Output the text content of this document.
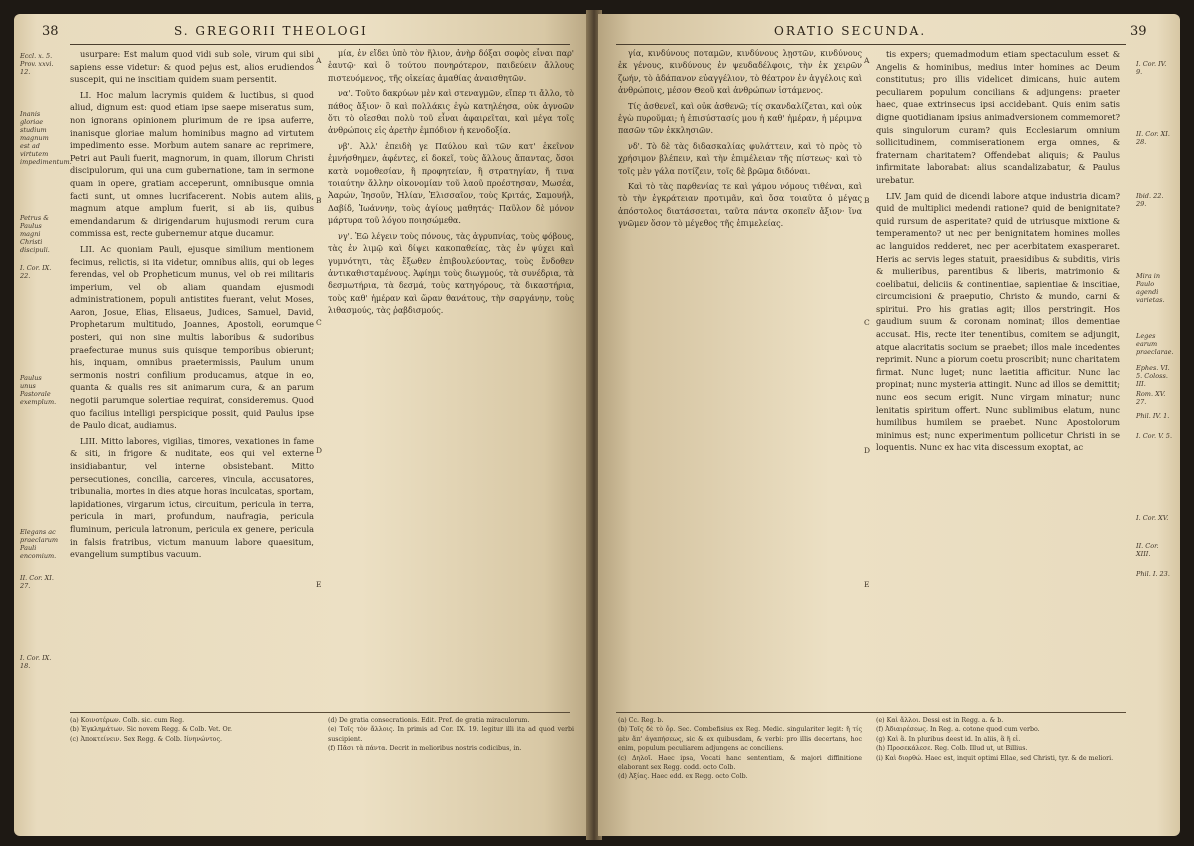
38	S. GREGORII THEOLOGI
Eccl. x. 5. Prov. xxvi. 12.
Inanis gloriae studium magnum est ad virtutem impedimentum.
Petrus & Paulus magni Christi discipuli.
I. Cor. IX. 22.
Paulus unus Pastorale exemplum.
Elegans ac praeclarum Pauli encomium.
II. Cor. XI. 27.
I. Cor. IX. 18.

usurpare: Est malum quod vidi sub sole, virum qui sibi sapiens esse videtur: & quod pejus est, alios erudiendos suscepit, qui ne inscitiam quidem suam persentit.

LI. Hoc malum lacrymis quidem & luctibus, si quod aliud, dignum est: quod etiam ipse saepe miseratus sum, non ignorans opinionem plurimum de re ipsa auferre, inanisque gloriae malum hominibus magno ad virtutem impedimento esse. Morbum autem sanare ac reprimere, Petri aut Pauli fuerit, magnorum, in quam, illorum Christi discipulorum, qui una cum gubernatione, tam in sermone quam in opere, gratiam acceperunt, omnibusque omnia facti sunt, ut omnes lucrifacerent. Nobis autem aliis, magnum atque amplum fuerit, si ab iis, quibus emendandarum & dirigendarum hujusmodi rerum cura commissa est, recte gubernemur atque ducamur.

LII. Ac quoniam Pauli, ejusque similium mentionem fecimus, relictis, si ita videtur, omnibus aliis, qui ob leges ferendas, vel ob Propheticum munus, vel ob rei militaris imperium, vel ob aliam quandam ejusmodi administrationem, populi antistites fuerant, velut Moses, Aaron, Josue, Elias, Elisaeus, Judices, Samuel, David, Prophetarum multitudo, Joannes, Apostoli, eorumque posteri, qui non sine multis laboribus & sudoribus praefecturae munus suis quisque temporibus obierunt; his, inquam, omnibus praetermissis, Paulum unum sermonis nostri confilium producamus, atque in eo, quanta & qualis res sit animarum cura, & an parum negotii parumque solertiae requirat, consideremus. Quod quo facilius intelligi perspicique possit, quid Paulus ipse de Paulo dicat, audiamus.

LIII. Mitto labores, vigilias, timores, vexationes in fame & siti, in frigore & nuditate, eos qui vel externe insidiabantur, vel interne obsistebant. Mitto persecutiones, concilia, carceres, vincula, accusatores, tribunalia, mortes in dies atque horas inculcatas, sportam, lapidationes, virgarum ictus, circuitum, pericula in terra, pericula in mari, profundum, naufragia, pericula fluminum, pericula latronum, pericula ex genere, pericula in falsis fratribus, victum manuum labore quaesitum, evangelium sumptibus vacuum.

A
B
C
D
E

μία, ἐν εἴδει ὑπὸ τὸν ἥλιον, ἀνὴρ δόξαι σοφὸς εἶναι παρ' ἑαυτῷ· καὶ ὃ τούτου πονηρότερον, παιδεύειν ἄλλους πιστευόμενος, τῆς οἰκείας ἀμαθίας ἀναισθητῶν.

να'. Τοῦτο δακρύων μὲν καὶ στεναγμῶν, εἴπερ τι ἄλλο, τὸ πάθος ἄξιον· ὃ καὶ πολλάκις ἐγὼ κατηλέησα, οὐκ ἀγνοῶν ὅτι τὸ οἴεσθαι πολὺ τοῦ εἶναι ἀφαιρεῖται, καὶ μέγα τοῖς ἀνθρώποις εἰς ἀρετὴν ἐμπόδιον ἡ κενοδοξία.

νβ'. Ἀλλ' ἐπειδὴ γε Παύλου καὶ τῶν κατ' ἐκεῖνον ἐμνήσθημεν, ἀφέντες, εἰ δοκεῖ, τοὺς ἄλλους ἅπαντας, ὅσοι κατὰ νομοθεσίαν, ἢ προφητείαν, ἢ στρατηγίαν, ἤ τινα τοιαύτην ἄλλην οἰκονομίαν τοῦ λαοῦ προέστησαν, Μωσέα, Ἀαρών, Ἰησοῦν, Ἠλίαν, Ἐλισσαῖον, τοὺς Κριτάς, Σαμουήλ, Δαβίδ, Ἰωάννην, τοὺς ἁγίους μαθητάς· Παῦλον δὲ μόνον μάρτυρα τοῦ λόγου ποιησώμεθα.

νγ'. Ἐῶ λέγειν τοὺς πόνους, τὰς ἀγρυπνίας, τοὺς φόβους, τὰς ἐν λιμῷ καὶ δίψει κακοπαθείας, τὰς ἐν ψύχει καὶ γυμνότητι, τὰς ἔξωθεν ἐπιβουλεύοντας, τοὺς ἔνδοθεν ἀντικαθισταμένους. Ἀφίημι τοὺς διωγμούς, τὰ συνέδρια, τὰ δεσμωτήρια, τὰ δεσμά, τοὺς κατηγόρους, τὰ δικαστήρια, τοὺς καθ' ἡμέραν καὶ ὥραν θανάτους, τὴν σαργάνην, τοὺς λιθασμούς, τὰς ῥαβδισμούς.

(a) Κοινοτέρων. Colb. sic. cum Reg.
(b) Ἐγκλημάτων. Sic novem Regg. & Colb. Vet. Or.
(c) Ἀποκτείνειν. Sex Regg. & Colb. Ιίνηνώντος.
(d) De gratia consecrationis. Edit. Pref. de gratia miraculorum.
(e) Τοῖς τὸν ἄλλοις. In primis ad Cor. IX. 19. legitur illi ita ad quod verbi suscipient.
(f) Πᾶσι τὰ πάντα. Decrit in melioribus nostris codicibus, in.
ORATIO SECUNDA.	39

γία, κινδύνους ποταμῶν, κινδύνους λῃστῶν, κινδύνους ἐκ γένους, κινδύνους ἐν ψευδαδέλφοις, τὴν ἐκ χειρῶν ζωήν, τὸ ἀδάπανον εὐαγγέλιον, τὸ θέατρον ἐν ἀγγέλοις καὶ ἀνθρώποις, μέσον Θεοῦ καὶ ἀνθρώπων ἱστάμενος.

Τίς ἀσθενεῖ, καὶ οὐκ ἀσθενῶ; τίς σκανδαλίζεται, καὶ οὐκ ἐγὼ πυροῦμαι; ἡ ἐπισύστασίς μου ἡ καθ' ἡμέραν, ἡ μέριμνα πασῶν τῶν ἐκκλησιῶν.

νδ'. Τὸ δὲ τὰς διδασκαλίας φυλάττειν, καὶ τὸ πρὸς τὸ χρήσιμον βλέπειν, καὶ τὴν ἐπιμέλειαν τῆς πίστεως· καὶ τὸ τοῖς μὲν γάλα ποτίζειν, τοῖς δὲ βρῶμα διδόναι.

Καὶ τὸ τὰς παρθενίας τε καὶ γάμου νόμους τιθέναι, καὶ τὸ τὴν ἐγκράτειαν προτιμᾶν, καὶ ὅσα τοιαῦτα ὁ μέγας ἀπόστολος διατάσσεται, ταῦτα πάντα σκοπεῖν ἄξιον· ἵνα γνῶμεν ὅσον τὸ μέγεθος τῆς ἐπιμελείας.

A
B
C
D
E

tis expers; quemadmodum etiam spectaculum esset & Angelis & hominibus, medius inter homines ac Deum constitutus; pro illis videlicet dimicans, huic autem peculiarem populum concilians & adjungens: praeter haec, quae extrinsecus ipsi accidebant. Quis enim satis digne quotidianam ipsius animadversionem commemoret? quis singulorum curam? quis Ecclesiarum omnium sollicitudinem, commiserationem erga omnes, & fraternam charitatem? Offendebat aliquis; & Paulus infirmitate laborabat: alius scandalizabatur, & Paulus urebatur.

LIV. Jam quid de dicendi labore atque industria dicam? quid de multiplici medendi ratione? quid de benignitate? quid rursum de asperitate? quid de utriusque mixtione & temperamento? ut nec per benignitatem homines molles ac languidos redderet, nec per acerbitatem exasperaret. Heris ac servis leges statuit, praesidibus & subditis, viris & mulieribus, parentibus & liberis, matrimonio & coelibatui, deliciis & continentiae, sapientiae & inscitiae, circumcisioni & praeputio, Christo & mundo, carni & spiritui. Pro his gratias agit; illos perstringit. Hos gaudium suum & coronam nominat; illos dementiae accusat. His, recte iter tenentibus, comitem se adjungit, atque alacritatis socium se praebet; illos male incedentes reprimit. Nunc a piorum coetu proscribit; nunc charitatem firmat. Nunc luget; nunc laetitia afficitur. Nunc lac propinat; nunc mysteria attingit. Nunc ad illos se demittit; nunc eos secum erigit. Nunc virgam minatur; nunc lenitatis spiritum offert. Nunc sublimibus elatum, nunc humilibus humilem se praebet. Nunc Apostolorum minimus est; nunc experimentum pollicetur Christi in se loquentis. Nunc ex hac vita discessum exoptat, ac

I. Cor. IV. 9.
II. Cor. XI. 28.
Ibid. 22. 29.
Mira in Paulo agendi varietas.
Leges earum praeclarae.
Ephes. VI. 5. Coloss. III.
Rom. XV. 27.
Phil. IV. 1.
I. Cor. V. 5.
I. Cor. XV.
II. Cor. XIII.
Phil. I. 23.
(a) Cc. Reg. b.
(b) Τοῖς δὲ τὸ ὄρ. Sec. Combefisius ex Reg. Medic. singulariter legit: ἢ τίς μὲν ἄπ' ἀγαπήσεως, sic & ex quibusdam, & verbi: pro illis decertans, hoc enim, populum peculiarem adjungens ac conciliens.
(c) Δηλοῖ. Haec ipsa, Vocati hanc sententiam, & majori diffinitione elaborant sex Regg. codd. octo Colb.
(d) Ἀξίας. Haec edd. ex Regg. octo Colb.
(e) Καὶ ἄλλοι. Dessi est in Regg. a. & b.
(f) Ἀδιαιρέσεως. In Reg. a. cotone quod cum verbo.
(g) Καὶ ἃ. In pluribus deest id. In aliis, ἃ ἢ εἰ.
(h) Προσεκάλεσε. Reg. Colb. Illud ut, ut Billius.
(i) Καὶ διορθώ. Haec est, inquit optimi Ellae, sed Christi, tyr. & de meliori.
